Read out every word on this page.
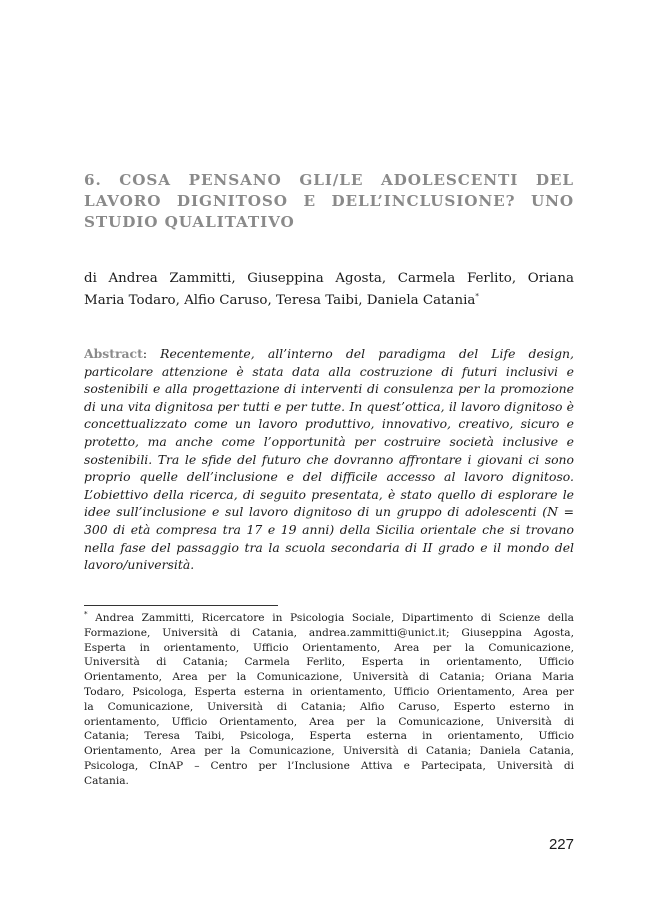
6. COSA PENSANO GLI/LE ADOLESCENTI DEL
LAVORO DIGNITOSO E DELL’INCLUSIONE? UNO
STUDIO QUALITATIVO

di Andrea Zammitti, Giuseppina Agosta, Carmela Ferlito, Oriana
Maria Todaro, Alfio Caruso, Teresa Taibi, Daniela Catania*

Abstract: Recentemente, all’interno del paradigma del Life design,
particolare attenzione è stata data alla costruzione di futuri inclusivi e
sostenibili e alla progettazione di interventi di consulenza per la promozione
di una vita dignitosa per tutti e per tutte. In quest’ottica, il lavoro dignitoso è
concettualizzato come un lavoro produttivo, innovativo, creativo, sicuro e
protetto, ma anche come l’opportunità per costruire società inclusive e
sostenibili. Tra le sfide del futuro che dovranno affrontare i giovani ci sono
proprio quelle dell’inclusione e del difficile accesso al lavoro dignitoso.
L’obiettivo della ricerca, di seguito presentata, è stato quello di esplorare le
idee sull’inclusione e sul lavoro dignitoso di un gruppo di adolescenti (N =
300 di età compresa tra 17 e 19 anni) della Sicilia orientale che si trovano
nella fase del passaggio tra la scuola secondaria di II grado e il mondo del
lavoro/università.
* Andrea Zammitti, Ricercatore in Psicologia Sociale, Dipartimento di Scienze della
Formazione, Università di Catania, andrea.zammitti@unict.it; Giuseppina Agosta,
Esperta in orientamento, Ufficio Orientamento, Area per la Comunicazione,
Università di Catania; Carmela Ferlito, Esperta in orientamento, Ufficio
Orientamento, Area per la Comunicazione, Università di Catania; Oriana Maria
Todaro, Psicologa, Esperta esterna in orientamento, Ufficio Orientamento, Area per
la Comunicazione, Università di Catania; Alfio Caruso, Esperto esterno in
orientamento, Ufficio Orientamento, Area per la Comunicazione, Università di
Catania; Teresa Taibi, Psicologa, Esperta esterna in orientamento, Ufficio
Orientamento, Area per la Comunicazione, Università di Catania; Daniela Catania,
Psicologa, CInAP – Centro per l’Inclusione Attiva e Partecipata, Università di
Catania.
227
